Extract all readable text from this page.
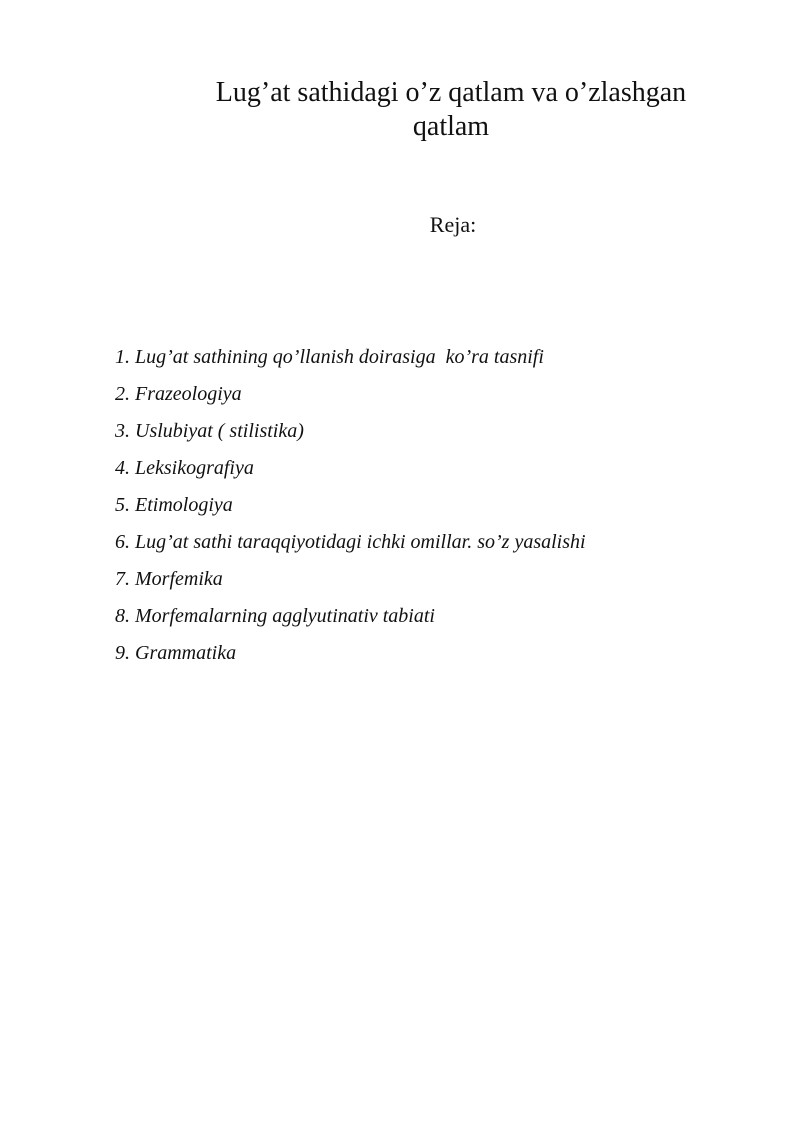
Lug’at sathidagi o’z qatlam va o’zlashgan qatlam
Reja:
1. Lug’at sathining qo’llanish doirasiga  ko’ra tasnifi
2. Frazeologiya
3. Uslubiyat ( stilistika)
4. Leksikografiya
5. Etimologiya
6. Lug’at sathi taraqqiyotidagi ichki omillar. so’z yasalishi
7. Morfemika
8. Morfemalarning agglyutinativ tabiati
9. Grammatika
